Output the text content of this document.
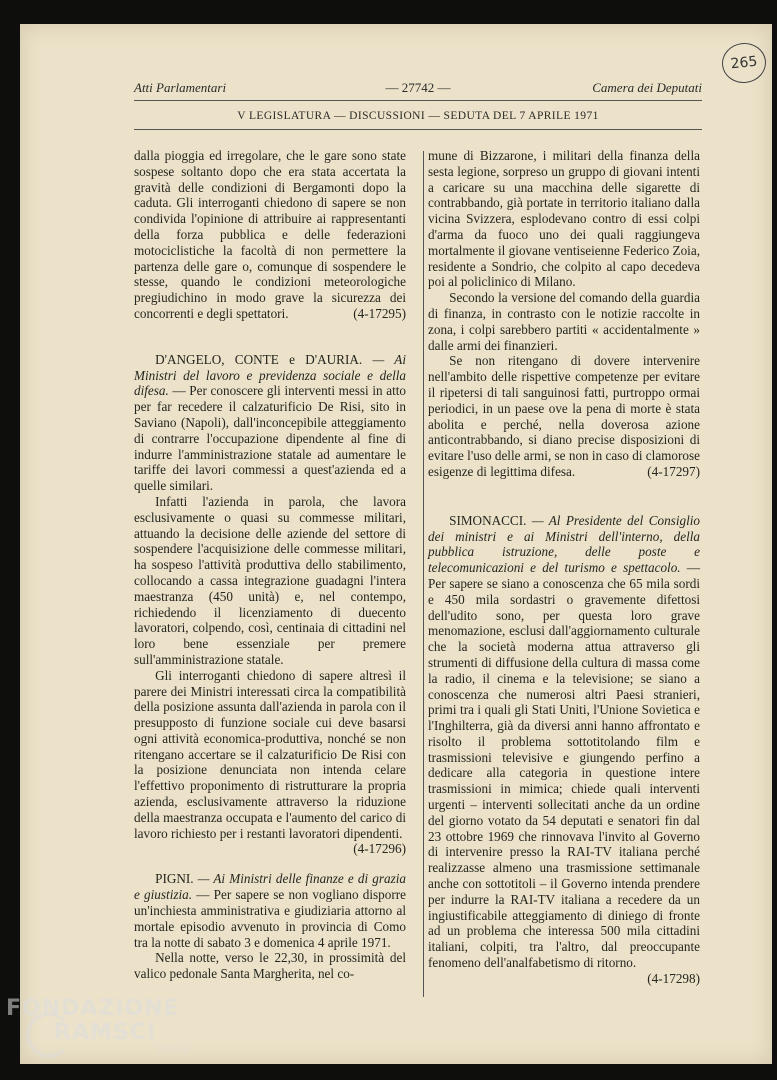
265
Atti Parlamentari	— 27742 —	Camera dei Deputati
V LEGISLATURA — DISCUSSIONI — SEDUTA DEL 7 APRILE 1971

dalla pioggia ed irregolare, che le gare sono state sospese soltanto dopo che era stata accertata la gravità delle condizioni di Bergamonti dopo la caduta. Gli interroganti chiedono di sapere se non condivida l'opinione di attribuire ai rappresentanti della forza pubblica e delle federazioni motociclistiche la facoltà di non permettere la partenza delle gare o, comunque di sospendere le stesse, quando le condizioni meteorologiche pregiudichino in modo grave la sicurezza dei concorrenti e degli spettatori.	(4-17295)

D'ANGELO, CONTE e D'AURIA. — Ai Ministri del lavoro e previdenza sociale e della difesa. — Per conoscere gli interventi messi in atto per far recedere il calzaturificio De Risi, sito in Saviano (Napoli), dall'inconcepibile atteggiamento di contrarre l'occupazione dipendente al fine di indurre l'amministrazione statale ad aumentare le tariffe dei lavori commessi a quest'azienda ed a quelle similari.

Infatti l'azienda in parola, che lavora esclusivamente o quasi su commesse militari, attuando la decisione delle aziende del settore di sospendere l'acquisizione delle commesse militari, ha sospeso l'attività produttiva dello stabilimento, collocando a cassa integrazione guadagni l'intera maestranza (450 unità) e, nel contempo, richiedendo il licenziamento di duecento lavoratori, colpendo, così, centinaia di cittadini nel loro bene essenziale per premere sull'amministrazione statale.

Gli interroganti chiedono di sapere altresì il parere dei Ministri interessati circa la compatibilità della posizione assunta dall'azienda in parola con il presupposto di funzione sociale cui deve basarsi ogni attività economica-produttiva, nonché se non ritengano accertare se il calzaturificio De Risi con la posizione denunciata non intenda celare l'effettivo proponimento di ristrutturare la propria azienda, esclusivamente attraverso la riduzione della maestranza occupata e l'aumento del carico di lavoro richiesto per i restanti lavoratori dipendenti.
(4-17296)

PIGNI. — Ai Ministri delle finanze e di grazia e giustizia. — Per sapere se non vogliano disporre un'inchiesta amministrativa e giudiziaria attorno al mortale episodio avvenuto in provincia di Como tra la notte di sabato 3 e domenica 4 aprile 1971.

Nella notte, verso le 22,30, in prossimità del valico pedonale Santa Margherita, nel co-

mune di Bizzarone, i militari della finanza della sesta legione, sorpreso un gruppo di giovani intenti a caricare su una macchina delle sigarette di contrabbando, già portate in territorio italiano dalla vicina Svizzera, esplodevano contro di essi colpi d'arma da fuoco uno dei quali raggiungeva mortalmente il giovane ventiseienne Federico Zoia, residente a Sondrio, che colpito al capo decedeva poi al policlinico di Milano.

Secondo la versione del comando della guardia di finanza, in contrasto con le notizie raccolte in zona, i colpi sarebbero partiti « accidentalmente » dalle armi dei finanzieri.

Se non ritengano di dovere intervenire nell'ambito delle rispettive competenze per evitare il ripetersi di tali sanguinosi fatti, purtroppo ormai periodici, in un paese ove la pena di morte è stata abolita e perché, nella doverosa azione anticontrabbando, si diano precise disposizioni di evitare l'uso delle armi, se non in caso di clamorose esigenze di legittima difesa.	(4-17297)

SIMONACCI. — Al Presidente del Consiglio dei ministri e ai Ministri dell'interno, della pubblica istruzione, delle poste e telecomunicazioni e del turismo e spettacolo. — Per sapere se siano a conoscenza che 65 mila sordi e 450 mila sordastri o gravemente difettosi dell'udito sono, per questa loro grave menomazione, esclusi dall'aggiornamento culturale che la società moderna attua attraverso gli strumenti di diffusione della cultura di massa come la radio, il cinema e la televisione; se siano a conoscenza che numerosi altri Paesi stranieri, primi tra i quali gli Stati Uniti, l'Unione Sovietica e l'Inghilterra, già da diversi anni hanno affrontato e risolto il problema sottotitolando film e trasmissioni televisive e giungendo perfino a dedicare alla categoria in questione intere trasmissioni in mimica; chiede quali interventi urgenti – interventi sollecitati anche da un ordine del giorno votato da 54 deputati e senatori fin dal 23 ottobre 1969 che rinnovava l'invito al Governo di intervenire presso la RAI-TV italiana perché realizzasse almeno una trasmissione settimanale anche con sottotitoli – il Governo intenda prendere per indurre la RAI-TV italiana a recedere da un ingiustificabile atteggiamento di diniego di fronte ad un problema che interessa 500 mila cittadini italiani, colpiti, tra l'altro, dal preoccupante fenomeno dell'analfabetismo di ritorno.
(4-17298)

FONDAZIONE
RAMSCI
onlus
